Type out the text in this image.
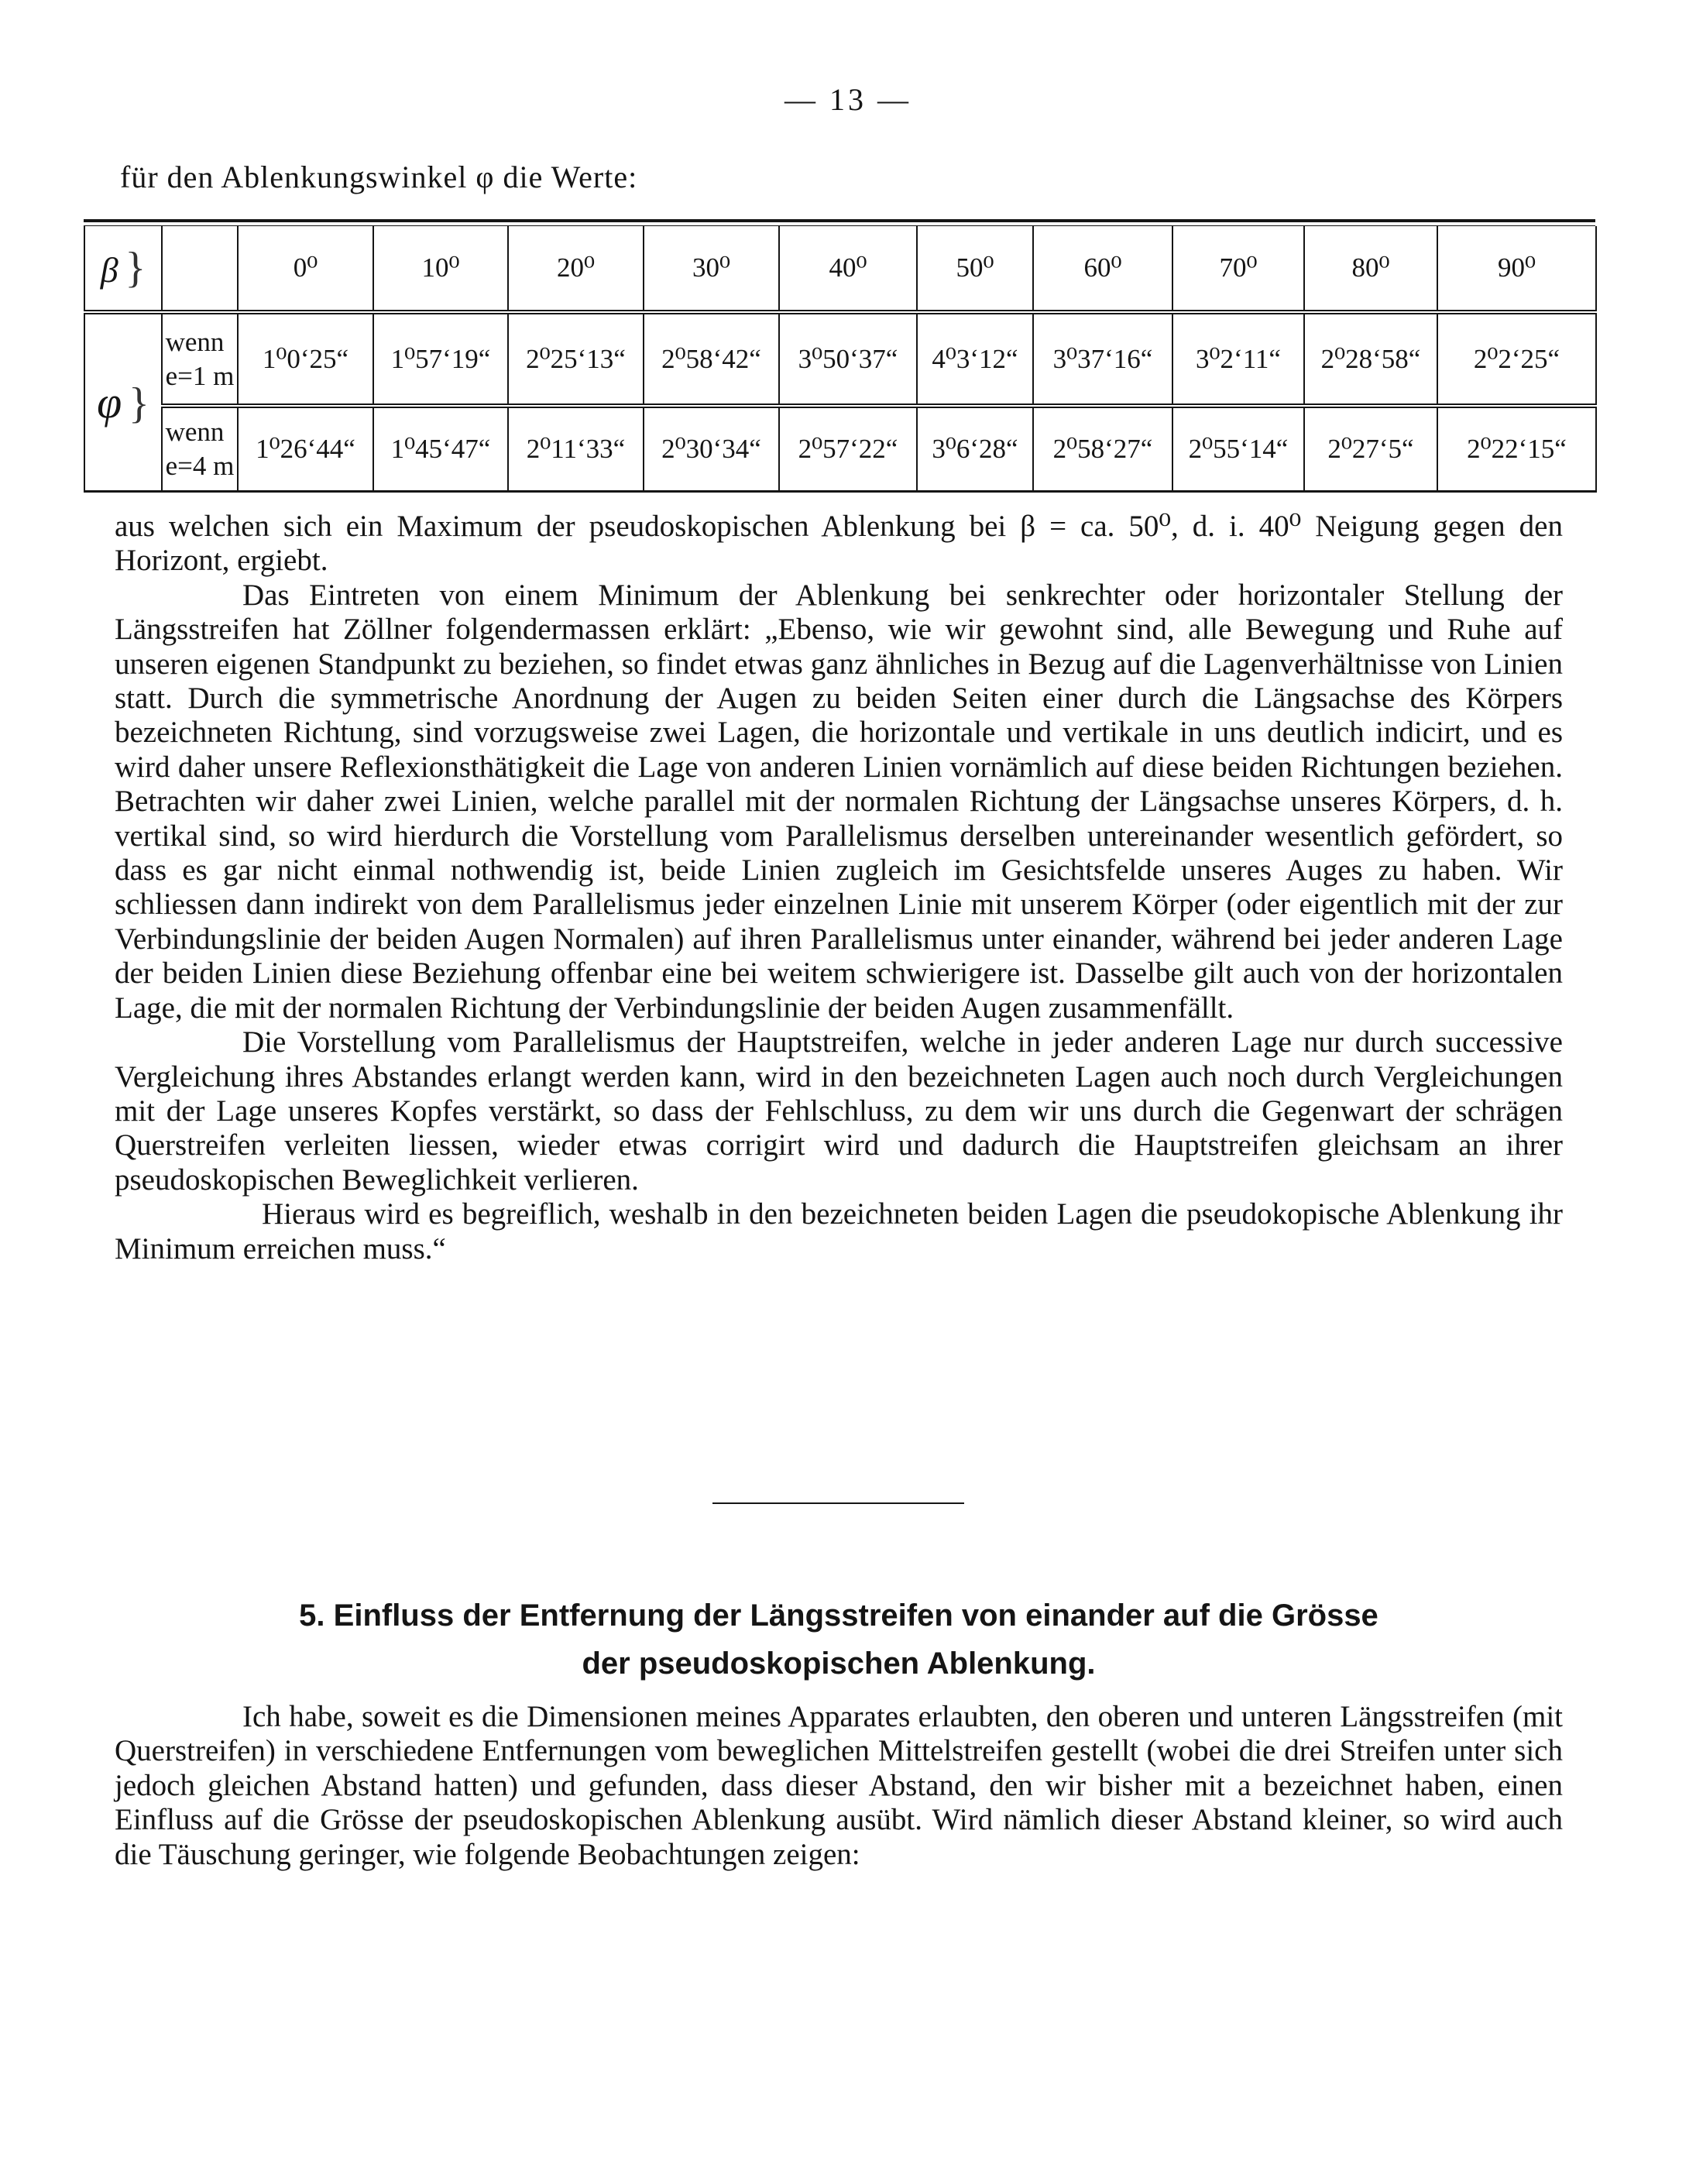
— 13 —
für den Ablenkungswinkel φ die Werte:
β }		0⁰	10⁰	20⁰	30⁰	40⁰	50⁰	60⁰	70⁰	80⁰	90⁰
φ }	wenn
e=1 m	1⁰0‘25“	1⁰57‘19“	2⁰25‘13“	2⁰58‘42“	3⁰50‘37“	4⁰3‘12“	3⁰37‘16“	3⁰2‘11“	2⁰28‘58“	2⁰2‘25“
	wenn
e=4 m	1⁰26‘44“	1⁰45‘47“	2⁰11‘33“	2⁰30‘34“	2⁰57‘22“	3⁰6‘28“	2⁰58‘27“	2⁰55‘14“	2⁰27‘5“	2⁰22‘15“

aus welchen sich ein Maximum der pseudoskopischen Ablenkung bei β = ca. 50⁰, d. i. 40⁰ Neigung gegen den Horizont, ergiebt.

Das Eintreten von einem Minimum der Ablenkung bei senkrechter oder horizontaler Stellung der Längsstreifen hat Zöllner folgendermassen erklärt: „Ebenso, wie wir gewohnt sind, alle Bewegung und Ruhe auf unseren eigenen Standpunkt zu beziehen, so findet etwas ganz ähnliches in Bezug auf die Lagenverhältnisse von Linien statt. Durch die symmetrische Anordnung der Augen zu beiden Seiten einer durch die Längsachse des Körpers bezeichneten Richtung, sind vorzugsweise zwei Lagen, die horizontale und vertikale in uns deutlich indicirt, und es wird daher unsere Reflexionsthätigkeit die Lage von anderen Linien vornämlich auf diese beiden Richtungen beziehen. Betrachten wir daher zwei Linien, welche parallel mit der normalen Richtung der Längsachse unseres Körpers, d. h. vertikal sind, so wird hierdurch die Vorstellung vom Parallelismus derselben untereinander wesentlich gefördert, so dass es gar nicht einmal nothwendig ist, beide Linien zugleich im Gesichtsfelde unseres Auges zu haben. Wir schliessen dann indirekt von dem Parallelismus jeder einzelnen Linie mit unserem Körper (oder eigentlich mit der zur Verbindungslinie der beiden Augen Normalen) auf ihren Parallelismus unter einander, während bei jeder anderen Lage der beiden Linien diese Beziehung offenbar eine bei weitem schwierigere ist. Dasselbe gilt auch von der horizontalen Lage, die mit der normalen Richtung der Verbindungslinie der beiden Augen zusammenfällt.

Die Vorstellung vom Parallelismus der Hauptstreifen, welche in jeder anderen Lage nur durch successive Vergleichung ihres Abstandes erlangt werden kann, wird in den bezeichneten Lagen auch noch durch Vergleichungen mit der Lage unseres Kopfes verstärkt, so dass der Fehlschluss, zu dem wir uns durch die Gegenwart der schrägen Querstreifen verleiten liessen, wieder etwas corrigirt wird und dadurch die Hauptstreifen gleichsam an ihrer pseudoskopischen Beweglichkeit verlieren.

Hieraus wird es begreiflich, weshalb in den bezeichneten beiden Lagen die pseudokopische Ablenkung ihr Minimum erreichen muss.“

5. Einfluss der Entfernung der Längsstreifen von einander auf die Grösse
der pseudoskopischen Ablenkung.

Ich habe, soweit es die Dimensionen meines Apparates erlaubten, den oberen und unteren Längsstreifen (mit Querstreifen) in verschiedene Entfernungen vom beweglichen Mittelstreifen gestellt (wobei die drei Streifen unter sich jedoch gleichen Abstand hatten) und gefunden, dass dieser Abstand, den wir bisher mit a bezeichnet haben, einen Einfluss auf die Grösse der pseudoskopischen Ablenkung ausübt. Wird nämlich dieser Abstand kleiner, so wird auch die Täuschung geringer, wie folgende Beobachtungen zeigen:
